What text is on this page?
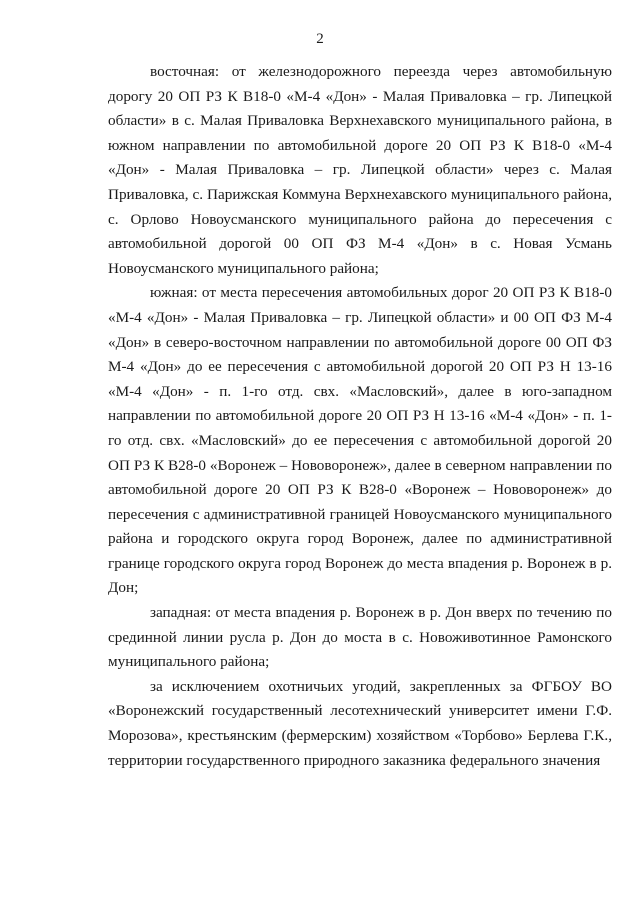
2

восточная: от железнодорожного переезда через автомобильную дорогу 20 ОП РЗ К В18-0 «М-4 «Дон» - Малая Приваловка – гр. Липецкой области» в с. Малая Приваловка Верхнехавского муниципального района, в южном направлении по автомобильной дороге 20 ОП РЗ К В18-0 «М-4 «Дон» - Малая Приваловка – гр. Липецкой области» через с. Малая Приваловка, с. Парижская Коммуна Верхнехавского муниципального района, с. Орлово Новоусманского муниципального района до пересечения с автомобильной дорогой 00 ОП ФЗ М-4 «Дон» в с. Новая Усмань Новоусманского муниципального района;

южная: от места пересечения автомобильных дорог 20 ОП РЗ К В18-0 «М-4 «Дон» - Малая Приваловка – гр. Липецкой области» и 00 ОП ФЗ М-4 «Дон» в северо-восточном направлении по автомобильной дороге 00 ОП ФЗ М-4 «Дон» до ее пересечения с автомобильной дорогой 20 ОП РЗ Н 13-16 «М-4 «Дон» - п. 1-го отд. свх. «Масловский», далее в юго-западном направлении по автомобильной дороге 20 ОП РЗ Н 13-16 «М-4 «Дон» - п. 1-го отд. свх. «Масловский» до ее пересечения с автомобильной дорогой 20 ОП РЗ К В28-0 «Воронеж – Нововоронеж», далее в северном направлении по автомобильной дороге 20 ОП РЗ К В28-0 «Воронеж – Нововоронеж» до пересечения с административной границей Новоусманского муниципального района и городского округа город Воронеж, далее по административной границе городского округа город Воронеж до места впадения р. Воронеж в р. Дон;

западная: от места впадения р. Воронеж в р. Дон вверх по течению по срединной линии русла р. Дон до моста в с. Новоживотинное Рамонского муниципального района;

за исключением охотничьих угодий, закрепленных за ФГБОУ ВО «Воронежский государственный лесотехнический университет имени Г.Ф. Морозова», крестьянским (фермерским) хозяйством «Торбово» Берлева Г.К., территории государственного природного заказника федерального значения
